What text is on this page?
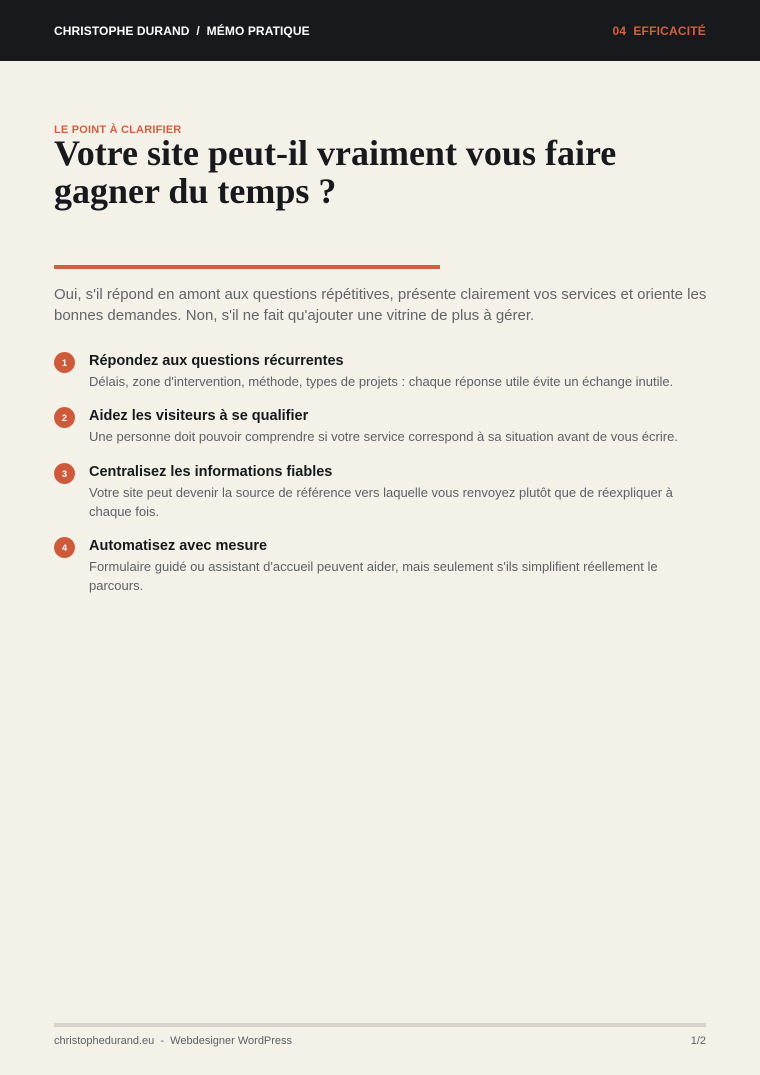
CHRISTOPHE DURAND  /  MÉMO PRATIQUE	04  EFFICACITÉ
LE POINT À CLARIFIER
Votre site peut-il vraiment vous faire gagner du temps ?

Oui, s'il répond en amont aux questions répétitives, présente clairement vos services et oriente les bonnes demandes. Non, s'il ne fait qu'ajouter une vitrine de plus à gérer.

1	Répondez aux questions récurrentes
Délais, zone d'intervention, méthode, types de projets : chaque réponse utile évite un échange inutile.
2	Aidez les visiteurs à se qualifier
Une personne doit pouvoir comprendre si votre service correspond à sa situation avant de vous écrire.
3	Centralisez les informations fiables
Votre site peut devenir la source de référence vers laquelle vous renvoyez plutôt que de réexpliquer à chaque fois.
4	Automatisez avec mesure
Formulaire guidé ou assistant d'accueil peuvent aider, mais seulement s'ils simplifient réellement le parcours.
christophedurand.eu  -  Webdesigner WordPress	1/2
